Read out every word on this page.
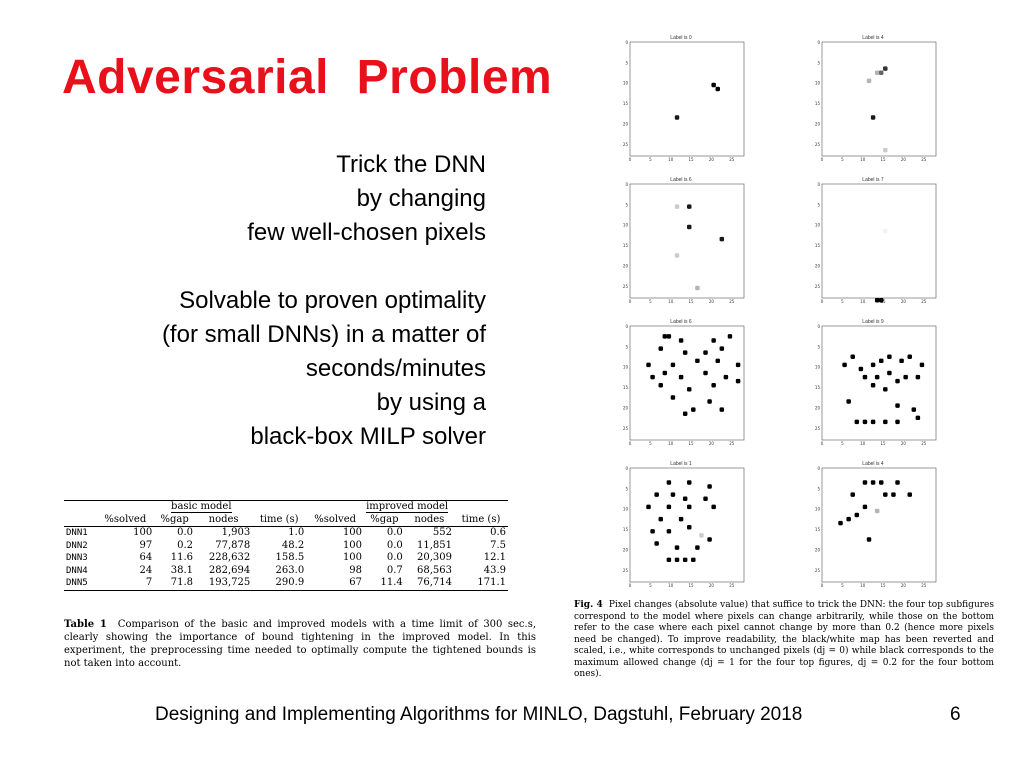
Adversarial  Problem
Trick the DNN
by changing
few well-chosen pixels
Solvable to proven optimality
(for small DNNs) in a matter of
seconds/minutes
by using a
black-box MILP solver
	basic model				improved model			
	%solved	%gap	nodes	time (s)	%solved	%gap	nodes	time (s)
DNN1	100	0.0	1,903	1.0	100	0.0	552	0.6
DNN2	97	0.2	77,878	48.2	100	0.0	11,851	7.5
DNN3	64	11.6	228,632	158.5	100	0.0	20,309	12.1
DNN4	24	38.1	282,694	263.0	98	0.7	68,563	43.9
DNN5	7	71.8	193,725	290.9	67	11.4	76,714	171.1
Table 1 Comparison of the basic and improved models with a time limit of 300 sec.s, clearly showing the importance of bound tightening in the improved model. In this experiment, the preprocessing time needed to optimally compute the tightened bounds is not taken into account.
Label is 0
0
5
10
15
20
25
0	5	10	15	20	25
Label is 4
0
5
10
15
20
25
0	5	10	15	20	25
Label is 6
0
5
10
15
20
25
0	5	10	15	20	25
Label is 7
0
5
10
15
20
25
0	5	10	15	20	25
Label is 6
0
5
10
15
20
25
0	5	10	15	20	25
Label is 9
0
5
10
15
20
25
0	5	10	15	20	25
Label is 1
0
5
10
15
20
25
0	5	10	15	20	25
Label is 4
0
5
10
15
20
25
0	5	10	15	20	25
Fig. 4 Pixel changes (absolute value) that suffice to trick the DNN: the four top subfigures correspond to the model where pixels can change arbitrarily, while those on the bottom refer to the case where each pixel cannot change by more than 0.2 (hence more pixels need be changed). To improve readability, the black/white map has been reverted and scaled, i.e., white corresponds to unchanged pixels (dj = 0) while black corresponds to the maximum allowed change (dj = 1 for the four top figures, dj = 0.2 for the four bottom ones).
Designing and Implementing Algorithms for MINLO, Dagstuhl, February 2018	6
